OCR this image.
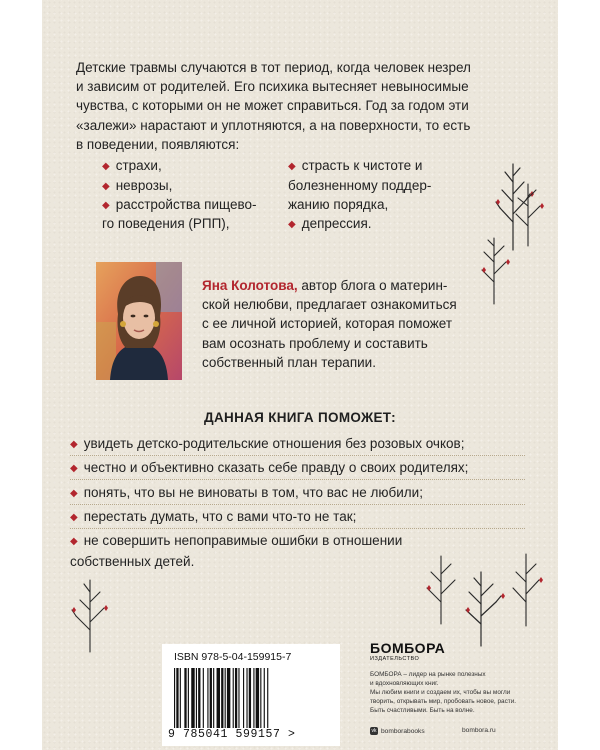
Детские травмы случаются в тот период, когда человек незрел
и зависим от родителей. Его психика вытесняет невыносимые
чувства, с которыми он не может справиться. Год за годом эти
«залежи» нарастают и уплотняются, а на поверхности, то есть
в поведении, появляются:
◆ страхи,
◆ неврозы,
◆ расстройства пищево-
го поведения (РПП),
◆ страсть к чистоте и
болезненному поддер-
жанию порядка,
◆ депрессия.
Яна Колотова, автор блога о материн-
ской нелюбви, предлагает ознакомиться
с ее личной историей, которая поможет
вам осознать проблему и составить
собственный план терапии.
ДАННАЯ КНИГА ПОМОЖЕТ:
◆ увидеть детско-родительские отношения без розовых очков;
◆ честно и объективно сказать себе правду о своих родителях;
◆ понять, что вы не виноваты в том, что вас не любили;
◆ перестать думать, что с вами что-то не так;
◆ не совершить непоправимые ошибки в отношении
собственных детей.
ISBN 978-5-04-159915-7
9 785041 599157 >
БОМБОРА
ИЗДАТЕЛЬСТВО
БОМБОРА – лидер на рынке полезных
и вдохновляющих книг.
Мы любим книги и создаем их, чтобы вы могли
творить, открывать мир, пробовать новое, расти.
Быть счастливыми. Быть на волне.
vk bomborabooks	bombora.ru
